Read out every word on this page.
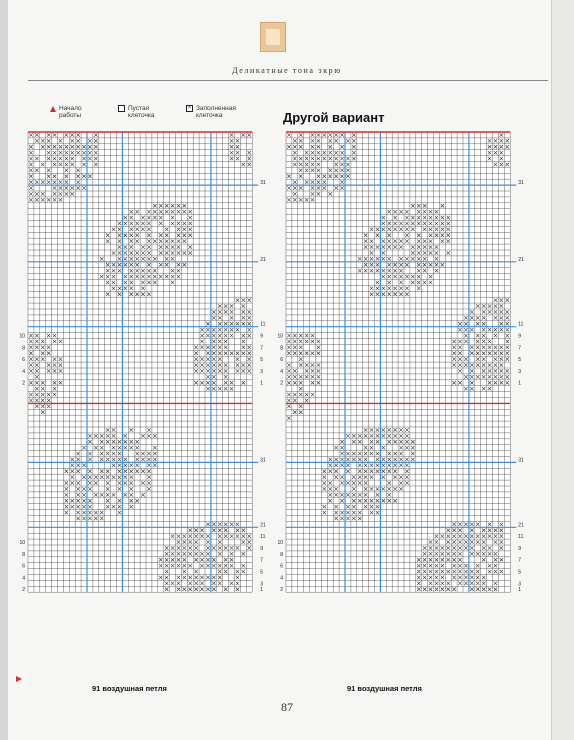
Деликатные тона экрю
Начало работы
Пустая клеточка
× Заполненная клеточка	Другой вариант
10
8
6
4
2
10
8
6
4
2
31
21
11
9
7
5
3
1
31
21
11
9
7
5
3
1
10
8
6
4
2
10
8
6
4
2
31
21
11
9
7
5
3
1
31
21
11
9
7
5
3
1
91 воздушная петля	91 воздушная петля
87
